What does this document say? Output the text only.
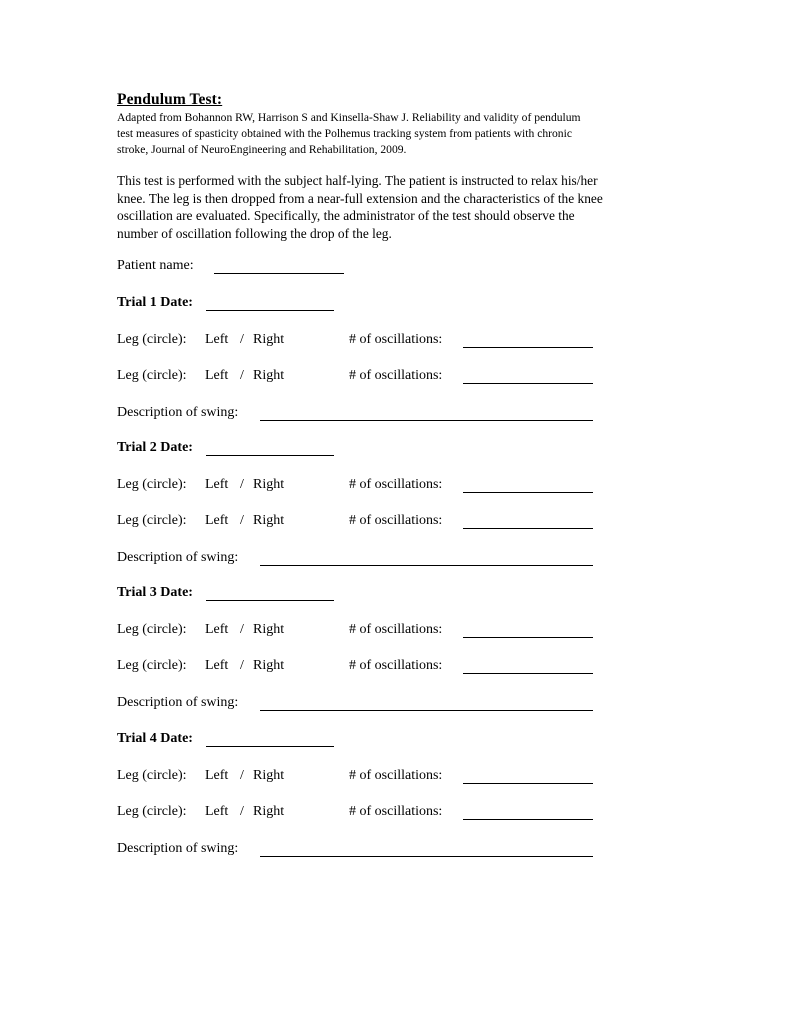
Pendulum Test:
Adapted from Bohannon RW, Harrison S and Kinsella-Shaw J. Reliability and validity of pendulum
test measures of spasticity obtained with the Polhemus tracking system from patients with chronic
stroke, Journal of NeuroEngineering and Rehabilitation, 2009.
This test is performed with the subject half-lying. The patient is instructed to relax his/her
knee. The leg is then dropped from a near-full extension and the characteristics of the knee
oscillation are evaluated. Specifically, the administrator of the test should observe the
number of oscillation following the drop of the leg.
Patient name:
Trial 1 Date:
Leg (circle): Left / Right	# of oscillations:
Leg (circle): Left / Right	# of oscillations:
Description of swing:
Trial 2 Date:
Leg (circle): Left / Right	# of oscillations:
Leg (circle): Left / Right	# of oscillations:
Description of swing:
Trial 3 Date:
Leg (circle): Left / Right	# of oscillations:
Leg (circle): Left / Right	# of oscillations:
Description of swing:
Trial 4 Date:
Leg (circle): Left / Right	# of oscillations:
Leg (circle): Left / Right	# of oscillations:
Description of swing:
